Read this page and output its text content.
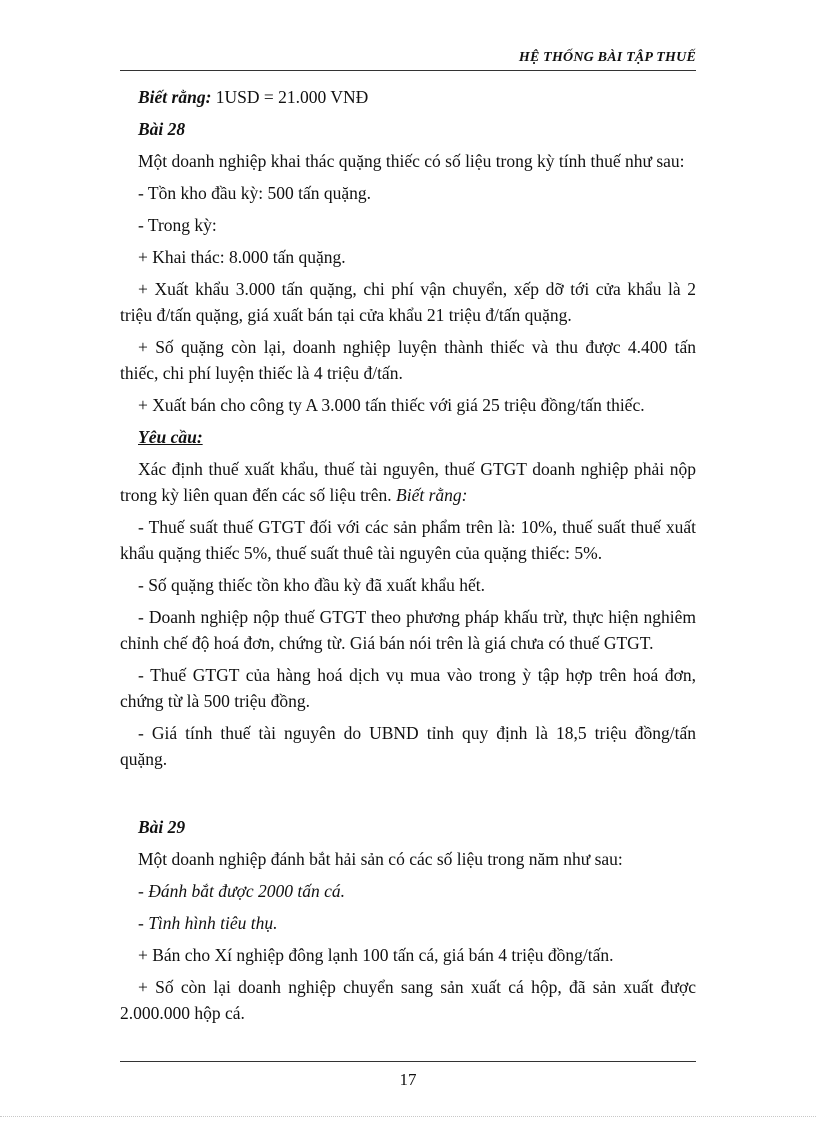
HỆ THỐNG BÀI TẬP THUẾ

Biết rằng: 1USD = 21.000 VNĐ

Bài 28

Một doanh nghiệp khai thác quặng thiếc có số liệu trong kỳ tính thuế như sau:

- Tồn kho đầu kỳ: 500 tấn quặng.

- Trong kỳ:

+ Khai thác: 8.000 tấn quặng.

+ Xuất khẩu 3.000 tấn quặng, chi phí vận chuyển, xếp dỡ tới cửa khẩu là 2 triệu đ/tấn quặng, giá xuất bán tại cửa khẩu 21 triệu đ/tấn quặng.

+ Số quặng còn lại, doanh nghiệp luyện thành thiếc và thu được 4.400 tấn thiếc, chi phí luyện thiếc là 4 triệu đ/tấn.

+ Xuất bán cho công ty A 3.000 tấn thiếc với giá 25 triệu đồng/tấn thiếc.

Yêu cầu:

Xác định thuế xuất khẩu, thuế tài nguyên, thuế GTGT doanh nghiệp phải nộp trong kỳ liên quan đến các số liệu trên. Biết rằng:

- Thuế suất thuế GTGT đối với các sản phẩm trên là: 10%, thuế suất thuế xuất khẩu quặng thiếc 5%, thuế suất thuê tài nguyên của quặng thiếc: 5%.

- Số quặng thiếc tồn kho đầu kỳ đã xuất khẩu hết.

- Doanh nghiệp nộp thuế GTGT theo phương pháp khấu trừ, thực hiện nghiêm chỉnh chế độ hoá đơn, chứng từ. Giá bán nói trên là giá chưa có thuế GTGT.

- Thuế GTGT của hàng hoá dịch vụ mua vào trong ỳ tập hợp trên hoá đơn, chứng từ là 500 triệu đồng.

- Giá tính thuế tài nguyên do UBND tỉnh quy định là 18,5 triệu đồng/tấn quặng.

Bài 29

Một doanh nghiệp đánh bắt hải sản có các số liệu trong năm như sau:

- Đánh bắt được 2000 tấn cá.

- Tình hình tiêu thụ.

+ Bán cho Xí nghiệp đông lạnh 100 tấn cá, giá bán 4 triệu đồng/tấn.

+ Số còn lại doanh nghiệp chuyển sang sản xuất cá hộp, đã sản xuất được 2.000.000 hộp cá.

17
